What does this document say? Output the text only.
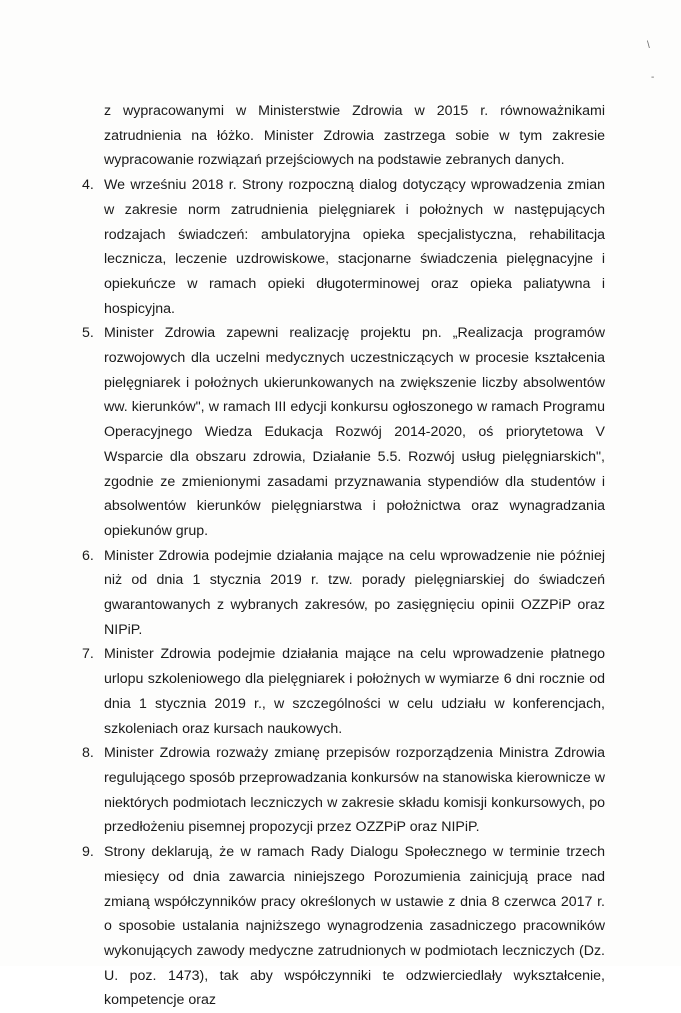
\
-

z wypracowanymi w Ministerstwie Zdrowia w 2015 r. równoważnikami zatrudnienia na łóżko. Minister Zdrowia zastrzega sobie w tym zakresie wypracowanie rozwiązań przejściowych na podstawie zebranych danych.

4. We wrześniu 2018 r. Strony rozpoczną dialog dotyczący wprowadzenia zmian w zakresie norm zatrudnienia pielęgniarek i położnych w następujących rodzajach świadczeń: ambulatoryjna opieka specjalistyczna, rehabilitacja lecznicza, leczenie uzdrowiskowe, stacjonarne świadczenia pielęgnacyjne i opiekuńcze w ramach opieki długoterminowej oraz opieka paliatywna i hospicyjna.
5. Minister Zdrowia zapewni realizację projektu pn. „Realizacja programów rozwojowych dla uczelni medycznych uczestniczących w procesie kształcenia pielęgniarek i położnych ukierunkowanych na zwiększenie liczby absolwentów ww. kierunków", w ramach III edycji konkursu ogłoszonego w ramach Programu Operacyjnego Wiedza Edukacja Rozwój 2014-2020, oś priorytetowa V Wsparcie dla obszaru zdrowia, Działanie 5.5. Rozwój usług pielęgniarskich", zgodnie ze zmienionymi zasadami przyznawania stypendiów dla studentów i absolwentów kierunków pielęgniarstwa i położnictwa oraz wynagradzania opiekunów grup.
6. Minister Zdrowia podejmie działania mające na celu wprowadzenie nie później niż od dnia 1 stycznia 2019 r. tzw. porady pielęgniarskiej do świadczeń gwarantowanych z wybranych zakresów, po zasięgnięciu opinii OZZPiP oraz NIPiP.
7. Minister Zdrowia podejmie działania mające na celu wprowadzenie płatnego urlopu szkoleniowego dla pielęgniarek i położnych w wymiarze 6 dni rocznie od dnia 1 stycznia 2019 r., w szczególności w celu udziału w konferencjach, szkoleniach oraz kursach naukowych.
8. Minister Zdrowia rozważy zmianę przepisów rozporządzenia Ministra Zdrowia regulującego sposób przeprowadzania konkursów na stanowiska kierownicze w niektórych podmiotach leczniczych w zakresie składu komisji konkursowych, po przedłożeniu pisemnej propozycji przez OZZPiP oraz NIPiP.
9. Strony deklarują, że w ramach Rady Dialogu Społecznego w terminie trzech miesięcy od dnia zawarcia niniejszego Porozumienia zainicjują prace nad zmianą współczynników pracy określonych w ustawie z dnia 8 czerwca 2017 r. o sposobie ustalania najniższego wynagrodzenia zasadniczego pracowników wykonujących zawody medyczne zatrudnionych w podmiotach leczniczych (Dz. U. poz. 1473), tak aby współczynniki te odzwierciedlały wykształcenie, kompetencje oraz
